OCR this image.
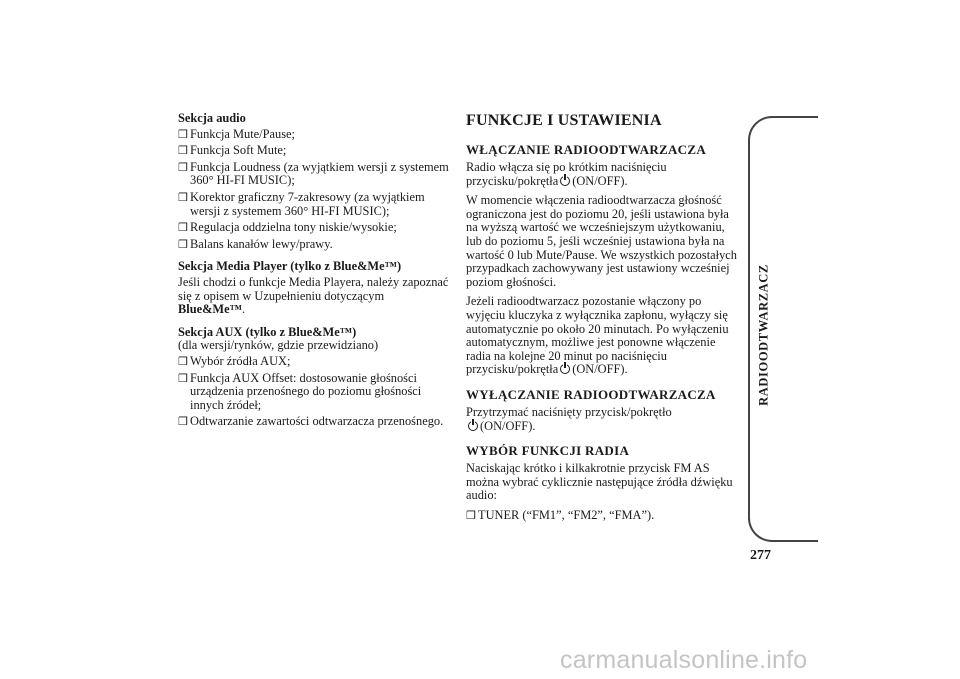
Sekcja audio
❒ Funkcja Mute/Pause;
❒ Funkcja Soft Mute;
❒ Funkcja Loudness (za wyjątkiem wersji z systemem 360° HI-FI MUSIC);
❒ Korektor graficzny 7-zakresowy (za wyjątkiem wersji z systemem 360° HI-FI MUSIC);
❒ Regulacja oddzielna tony niskie/wysokie;
❒ Balans kanałów lewy/prawy.
Sekcja Media Player (tylko z Blue&Me™)
Jeśli chodzi o funkcje Media Playera, należy zapoznać się z opisem w Uzupełnieniu dotyczącym Blue&Me™.
Sekcja AUX (tylko z Blue&Me™)
(dla wersji/rynków, gdzie przewidziano)
❒ Wybór źródła AUX;
❒ Funkcja AUX Offset: dostosowanie głośności urządzenia przenośnego do poziomu głośności innych źródeł;
❒ Odtwarzanie zawartości odtwarzacza przenośnego.
FUNKCJE I USTAWIENIA
WŁĄCZANIE RADIOODTWARZACZA
Radio włącza się po krótkim naciśnięciu przycisku/pokrętła (ON/OFF).
W momencie włączenia radioodtwarzacza głośność ograniczona jest do poziomu 20, jeśli ustawiona była na wyższą wartość we wcześniejszym użytkowaniu, lub do poziomu 5, jeśli wcześniej ustawiona była na wartość 0 lub Mute/Pause. We wszystkich pozostałych przypadkach zachowywany jest ustawiony wcześniej poziom głośności.
Jeżeli radioodtwarzacz pozostanie włączony po wyjęciu kluczyka z wyłącznika zapłonu, wyłączy się automatycznie po około 20 minutach. Po wyłączeniu automatycznym, możliwe jest ponowne włączenie radia na kolejne 20 minut po naciśnięciu przycisku/pokrętła (ON/OFF).
WYŁĄCZANIE RADIOODTWARZACZA
Przytrzymać naciśnięty przycisk/pokrętło
(ON/OFF).
WYBÓR FUNKCJI RADIA
Naciskając krótko i kilkakrotnie przycisk FM AS można wybrać cyklicznie następujące źródła dźwięku audio:
❒ TUNER (“FM1”, “FM2”, “FMA”).
RADIOODTWARZACZ
277
carmanualsonline.info
